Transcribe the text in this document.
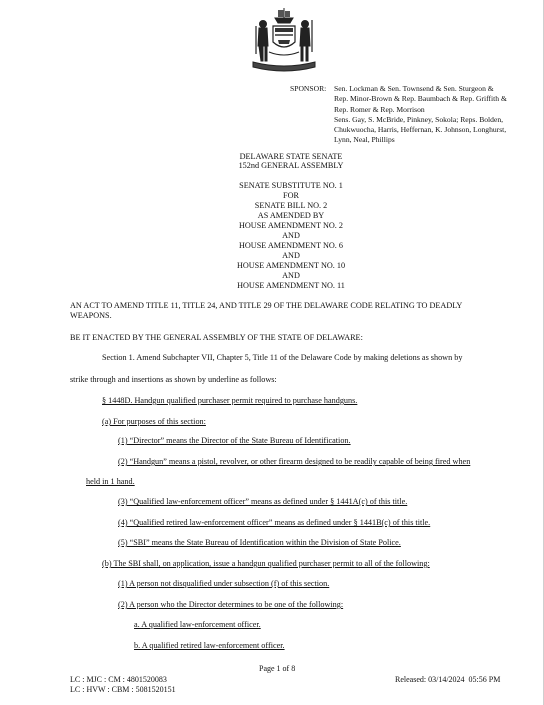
SPONSOR: Sen. Lockman & Sen. Townsend & Sen. Sturgeon &
Rep. Minor-Brown & Rep. Baumbach & Rep. Griffith &
Rep. Romer & Rep. Morrison
Sens. Gay, S. McBride, Pinkney, Sokola; Reps. Bolden,
Chukwuocha, Harris, Heffernan, K. Johnson, Longhurst,
Lynn, Neal, Phillips
DELAWARE STATE SENATE
152nd GENERAL ASSEMBLY
SENATE SUBSTITUTE NO. 1
FOR
SENATE BILL NO. 2
AS AMENDED BY
HOUSE AMENDMENT NO. 2
AND
HOUSE AMENDMENT NO. 6
AND
HOUSE AMENDMENT NO. 10
AND
HOUSE AMENDMENT NO. 11
AN ACT TO AMEND TITLE 11, TITLE 24, AND TITLE 29 OF THE DELAWARE CODE RELATING TO DEADLY
WEAPONS.
BE IT ENACTED BY THE GENERAL ASSEMBLY OF THE STATE OF DELAWARE:
Section 1. Amend Subchapter VII, Chapter 5, Title 11 of the Delaware Code by making deletions as shown by
strike through and insertions as shown by underline as follows:
§ 1448D. Handgun qualified purchaser permit required to purchase handguns.
(a) For purposes of this section:
(1) “Director” means the Director of the State Bureau of Identification.
(2) “Handgun” means a pistol, revolver, or other firearm designed to be readily capable of being fired when
held in 1 hand.
(3) “Qualified law-enforcement officer” means as defined under § 1441A(c) of this title.
(4) “Qualified retired law-enforcement officer” means as defined under § 1441B(c) of this title.
(5) “SBI” means the State Bureau of Identification within the Division of State Police.
(b) The SBI shall, on application, issue a handgun qualified purchaser permit to all of the following:
(1) A person not disqualified under subsection (f) of this section.
(2) A person who the Director determines to be one of the following:
a. A qualified law-enforcement officer.
b. A qualified retired law-enforcement officer.
Page 1 of 8
LC : MJC : CM : 4801520083
LC : HVW : CBM : 5081520151
Released: 03/14/2024  05:56 PM
